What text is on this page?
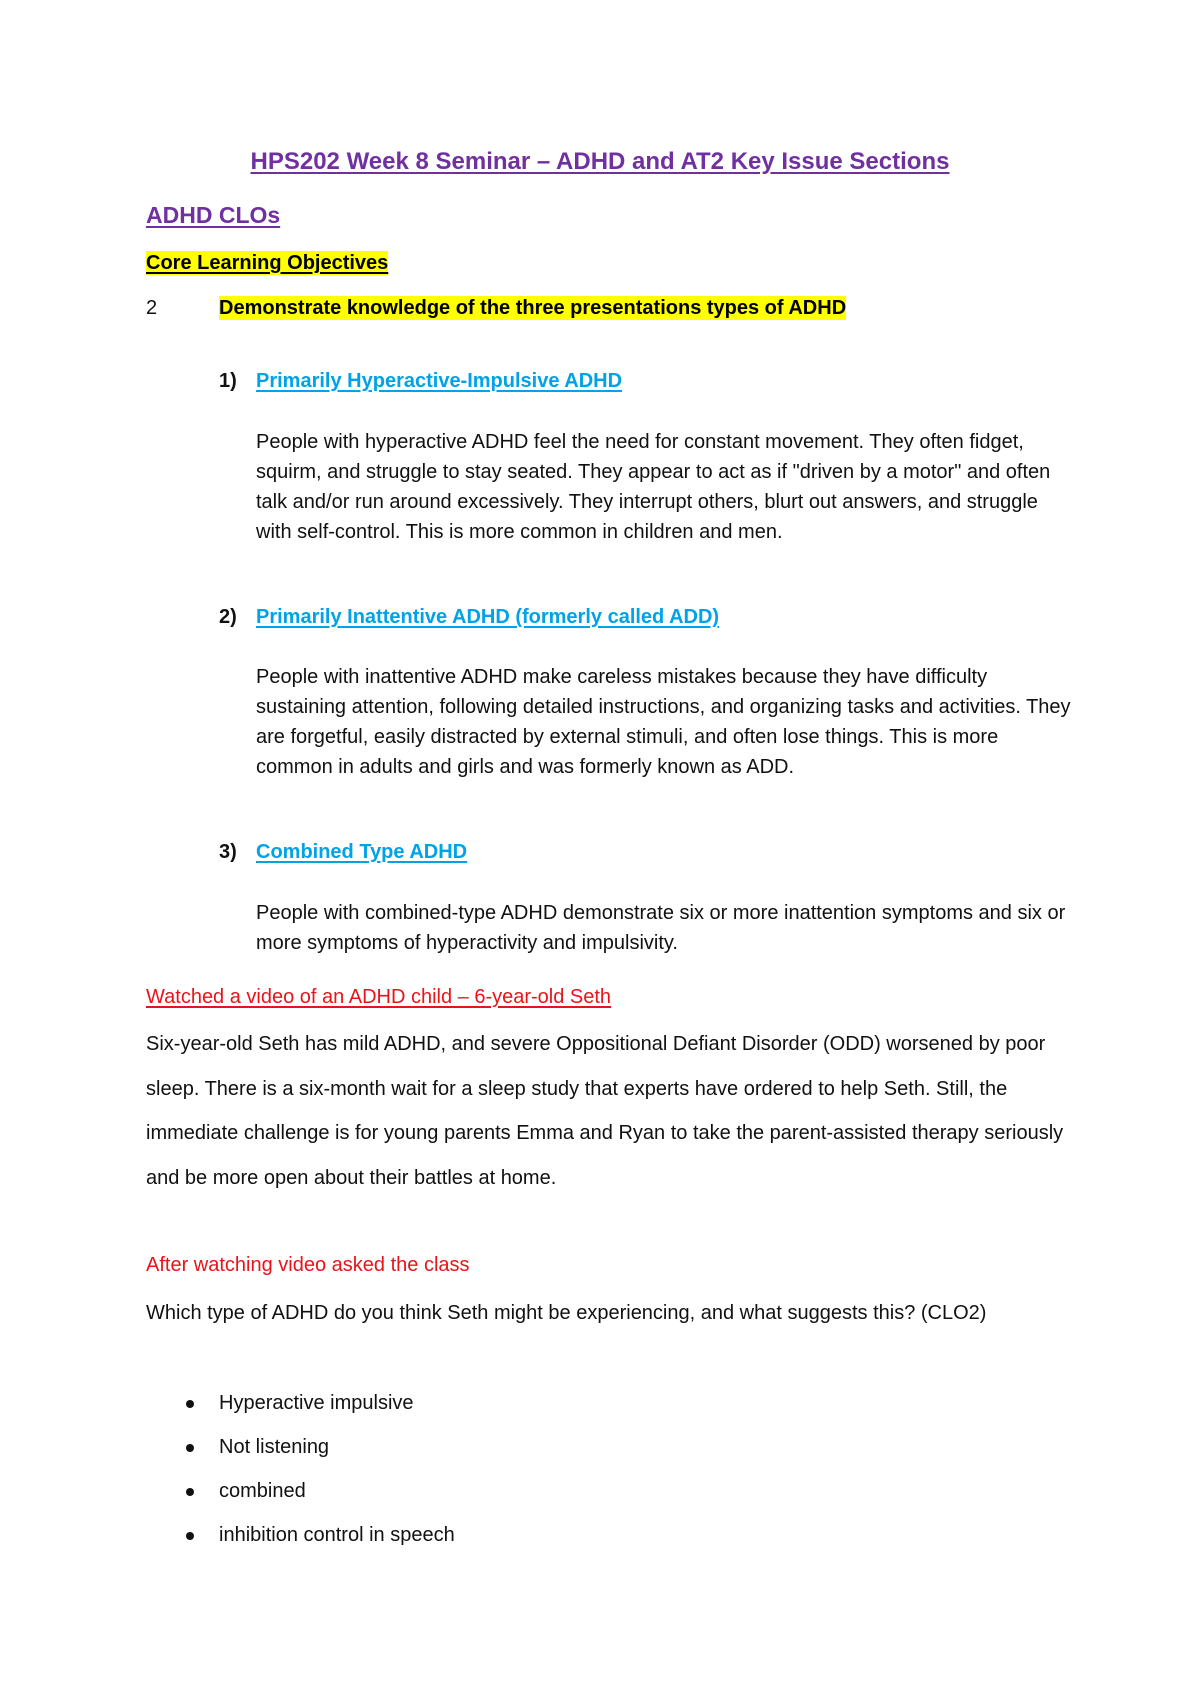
HPS202 Week 8 Seminar – ADHD and AT2 Key Issue Sections
ADHD CLOs
Core Learning Objectives
2	Demonstrate knowledge of the three presentations types of ADHD
1) Primarily Hyperactive-Impulsive ADHD
People with hyperactive ADHD feel the need for constant movement. They often fidget, squirm, and struggle to stay seated. They appear to act as if "driven by a motor" and often talk and/or run around excessively. They interrupt others, blurt out answers, and struggle with self-control. This is more common in children and men.
2) Primarily Inattentive ADHD (formerly called ADD)
People with inattentive ADHD make careless mistakes because they have difficulty sustaining attention, following detailed instructions, and organizing tasks and activities. They are forgetful, easily distracted by external stimuli, and often lose things. This is more common in adults and girls and was formerly known as ADD.
3) Combined Type ADHD
People with combined-type ADHD demonstrate six or more inattention symptoms and six or more symptoms of hyperactivity and impulsivity.
Watched a video of an ADHD child – 6-year-old Seth
Six-year-old Seth has mild ADHD, and severe Oppositional Defiant Disorder (ODD) worsened by poor sleep. There is a six-month wait for a sleep study that experts have ordered to help Seth. Still, the immediate challenge is for young parents Emma and Ryan to take the parent-assisted therapy seriously and be more open about their battles at home.
After watching video asked the class
Which type of ADHD do you think Seth might be experiencing, and what suggests this? (CLO2)
Hyperactive impulsive
Not listening
combined
inhibition control in speech
